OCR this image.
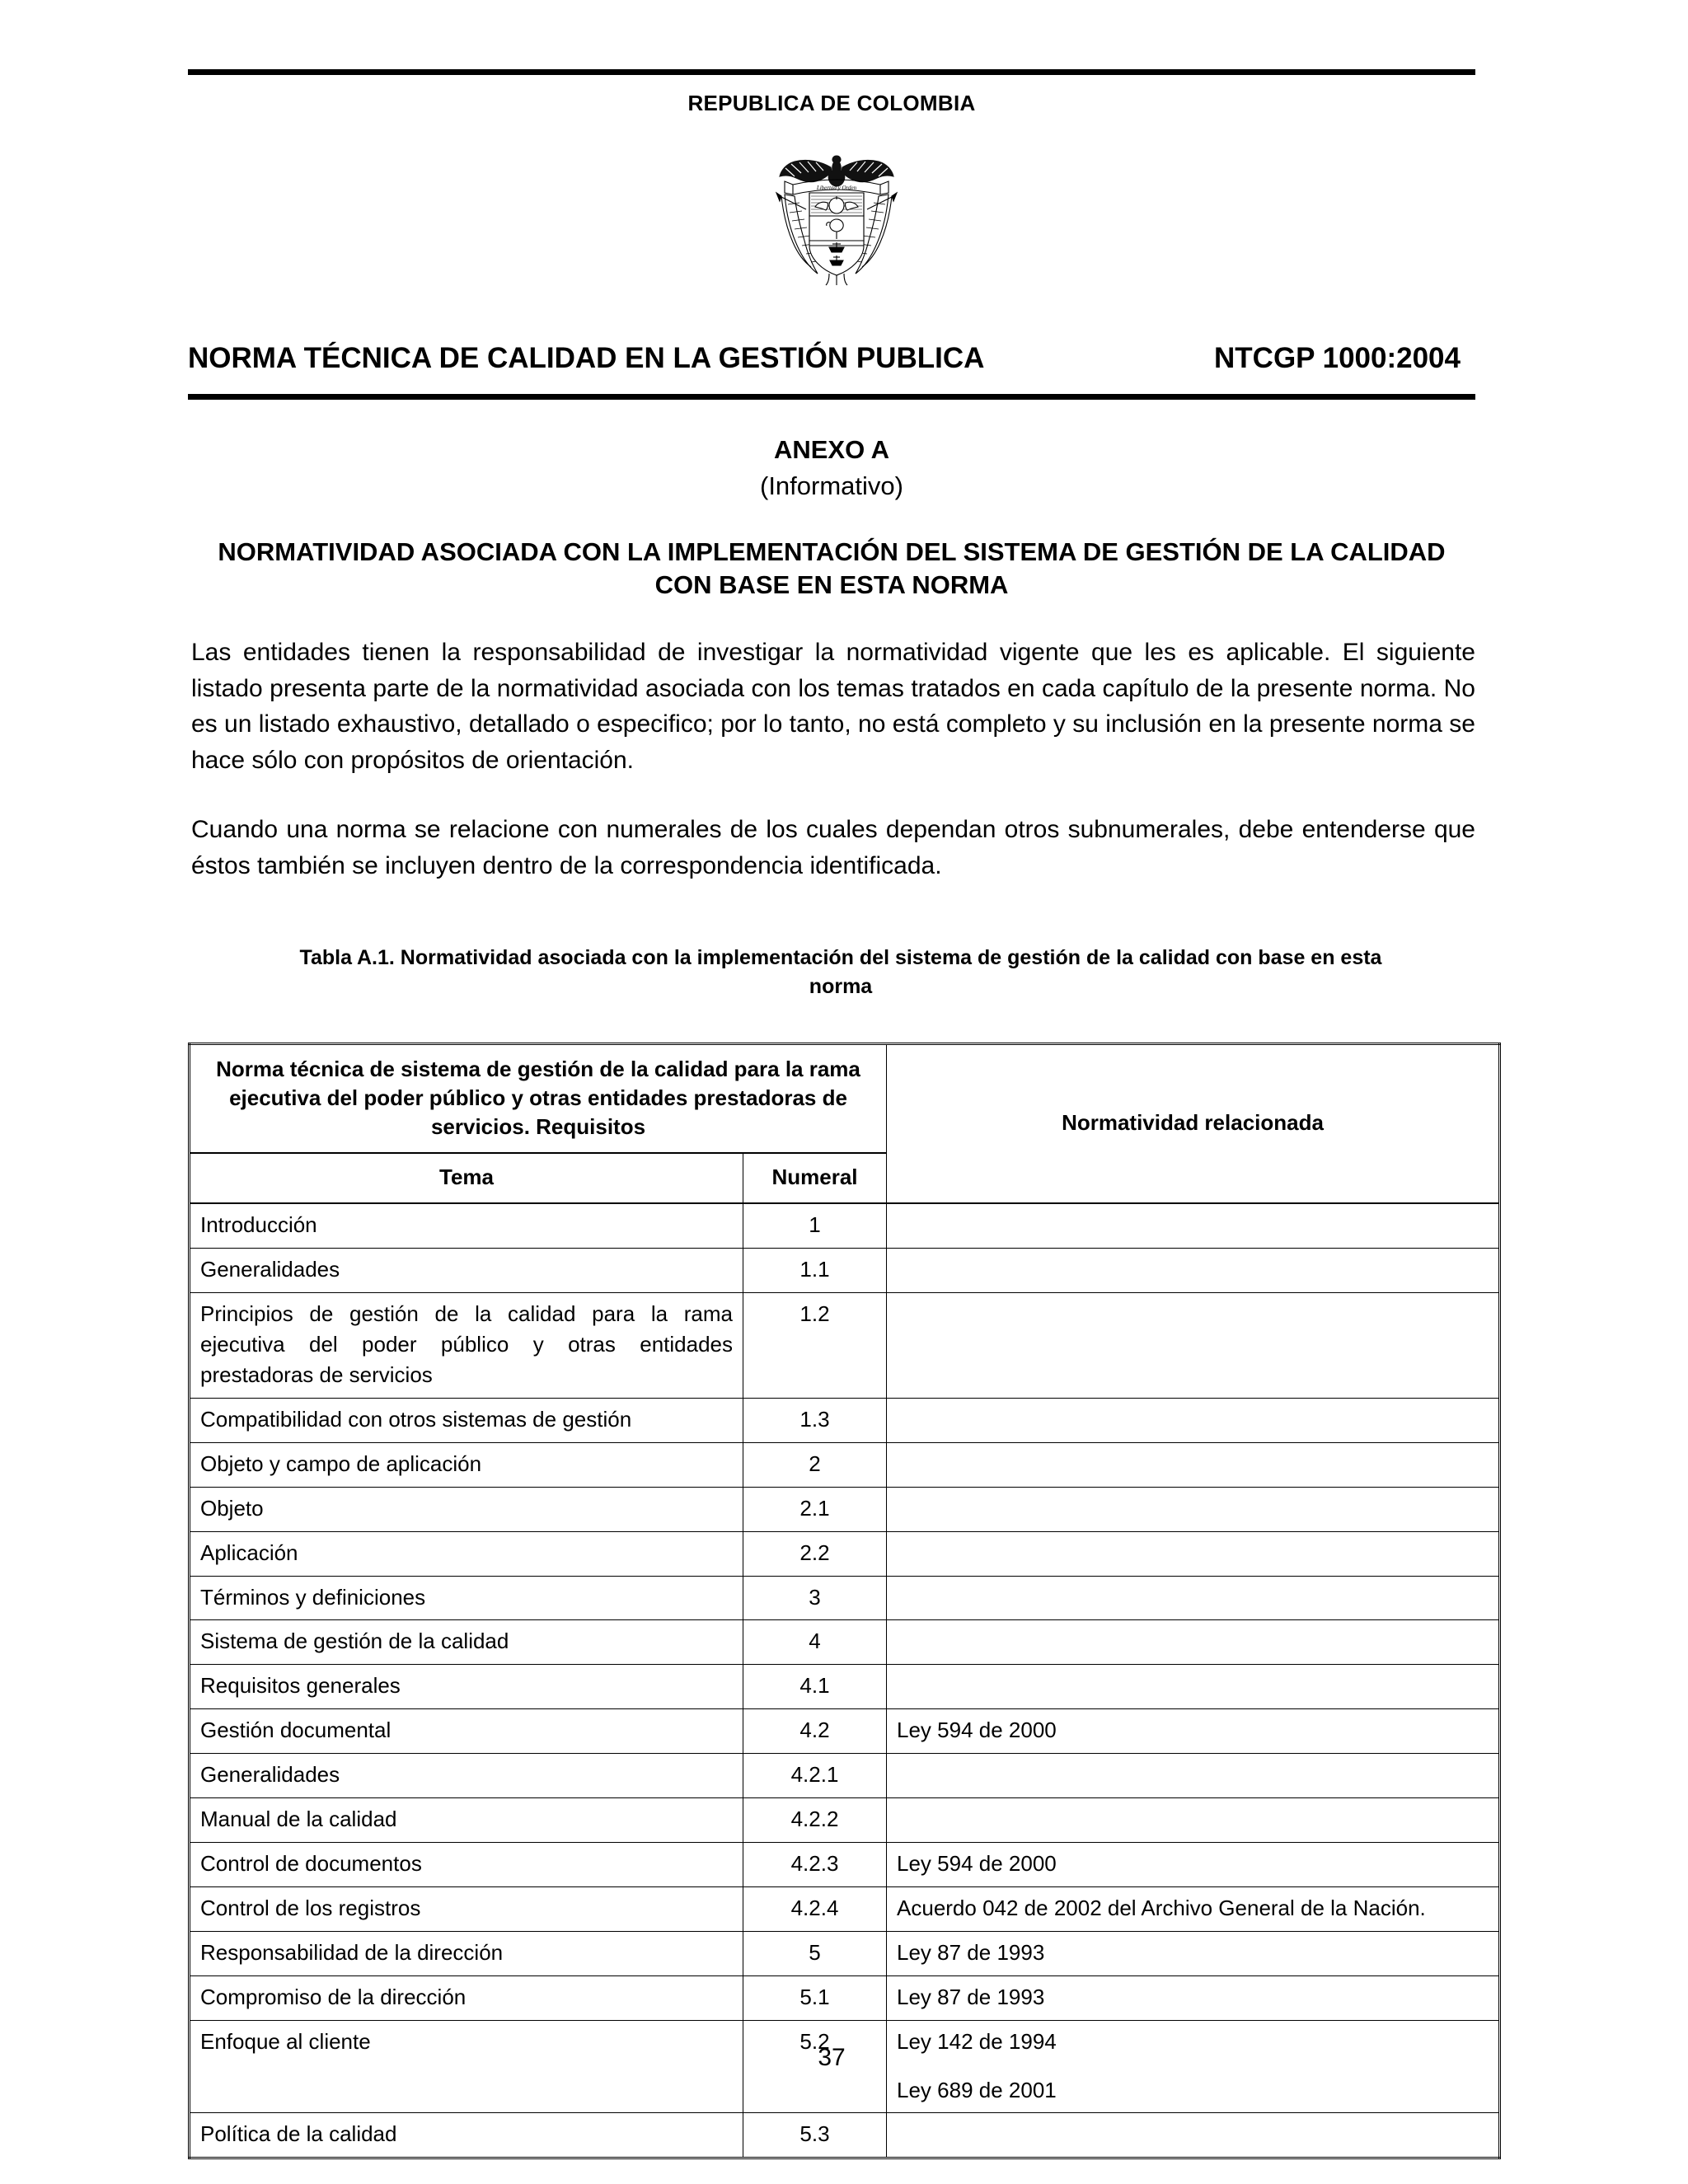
REPUBLICA DE COLOMBIA
Libertad y Orden
NORMA TÉCNICA DE CALIDAD EN LA GESTIÓN PUBLICA	NTCGP 1000:2004
ANEXO A
(Informativo)
NORMATIVIDAD ASOCIADA CON LA IMPLEMENTACIÓN DEL SISTEMA DE GESTIÓN DE LA CALIDAD CON BASE EN ESTA NORMA
Las entidades tienen la responsabilidad de investigar la normatividad vigente que les es aplicable. El siguiente listado presenta parte de la normatividad asociada con los temas tratados en cada capítulo de la presente norma. No es un listado exhaustivo, detallado o especifico; por lo tanto, no está completo y su inclusión en la presente norma se hace sólo con propósitos de orientación.
Cuando una norma se relacione con numerales de los cuales dependan otros subnumerales, debe entenderse que éstos también se incluyen dentro de la correspondencia identificada.
Tabla A.1. Normatividad asociada con la implementación del sistema de gestión de la calidad con base en esta norma
Norma técnica de sistema de gestión de la calidad para la rama ejecutiva del poder público y otras entidades prestadoras de servicios. Requisitos		Normatividad relacionada
Tema	Numeral	
Introducción	1	
Generalidades	1.1	
Principios de gestión de la calidad para la rama ejecutiva del poder público y otras entidades prestadoras de servicios	1.2	
Compatibilidad con otros sistemas de gestión	1.3	
Objeto y campo de aplicación	2	
Objeto	2.1	
Aplicación	2.2	
Términos y definiciones	3	
Sistema de gestión de la calidad	4	
Requisitos generales	4.1	
Gestión documental	4.2	Ley 594 de 2000

Generalidades	4.2.1	
Manual de la calidad	4.2.2	
Control de documentos	4.2.3	Ley 594 de 2000

Control de los registros	4.2.4	Acuerdo 042 de 2002 del Archivo General de la Nación.

Responsabilidad de la dirección	5	Ley 87 de 1993

Compromiso de la dirección	5.1	Ley 87 de 1993

Enfoque al cliente	5.2	Ley 142 de 1994
Ley 689 de 2001

Política de la calidad	5.3	
37
